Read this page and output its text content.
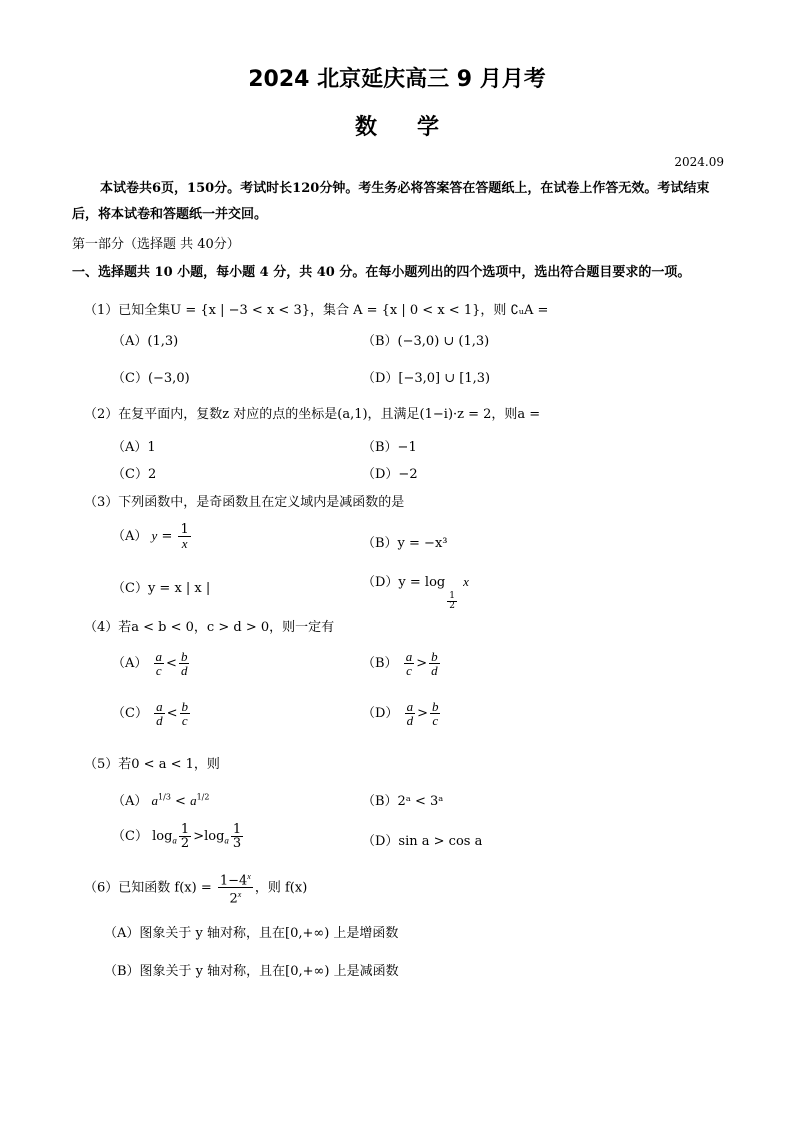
2024 北京延庆高三 9 月月考
数学
2024.09
本试卷共6页，150分。考试时长120分钟。考生务必将答案答在答题纸上，在试卷上作答无效。考试结束后，将本试卷和答题纸一并交回。
第一部分（选择题 共 40分）
一、选择题共 10 小题，每小题 4 分，共 40 分。在每小题列出的四个选项中，选出符合题目要求的一项。
（1）已知全集U = {x | −3 < x < 3}，集合 A = {x | 0 < x < 1}，则 ∁ᵤA =
（A）(1,3)	（B）(−3,0) ∪ (1,3)
（C）(−3,0)	（D）[−3,0] ∪ [1,3)
（2）在复平面内，复数z 对应的点的坐标是(a,1)，且满足(1−i)·z = 2，则a =
（A）1	（B）−1
（C）2	（D）−2
（3）下列函数中，是奇函数且在定义域内是减函数的是
（A） $y = \frac{1}{x}$	（B）y = −x³
（C）y = x | x |	（D）y = log
$\frac{1}{2}$
x
（4）若a < b < 0，c > d > 0，则一定有
$(A) \frac{a}{c} < \frac{b}{d}$	$(B) \frac{a}{c} > \frac{b}{d}$
$(C) \frac{a}{d} < \frac{b}{c}$	$(D) \frac{a}{d} > \frac{b}{c}$
（5）若0 < a < 1，则
（A） $a^{1/3} < a^{1/2}$	（B）2ᵃ < 3ᵃ
（C） $\log_a \frac{1}{2} >\log_a \frac{1}{3}$	（D）sin a > cos a
（6）已知函数 $f(x) = \frac{1-4^x}{2^x}$ ，则 f(x)
（A）图象关于 y 轴对称，且在[0,+∞) 上是增函数
（B）图象关于 y 轴对称，且在[0,+∞) 上是减函数
